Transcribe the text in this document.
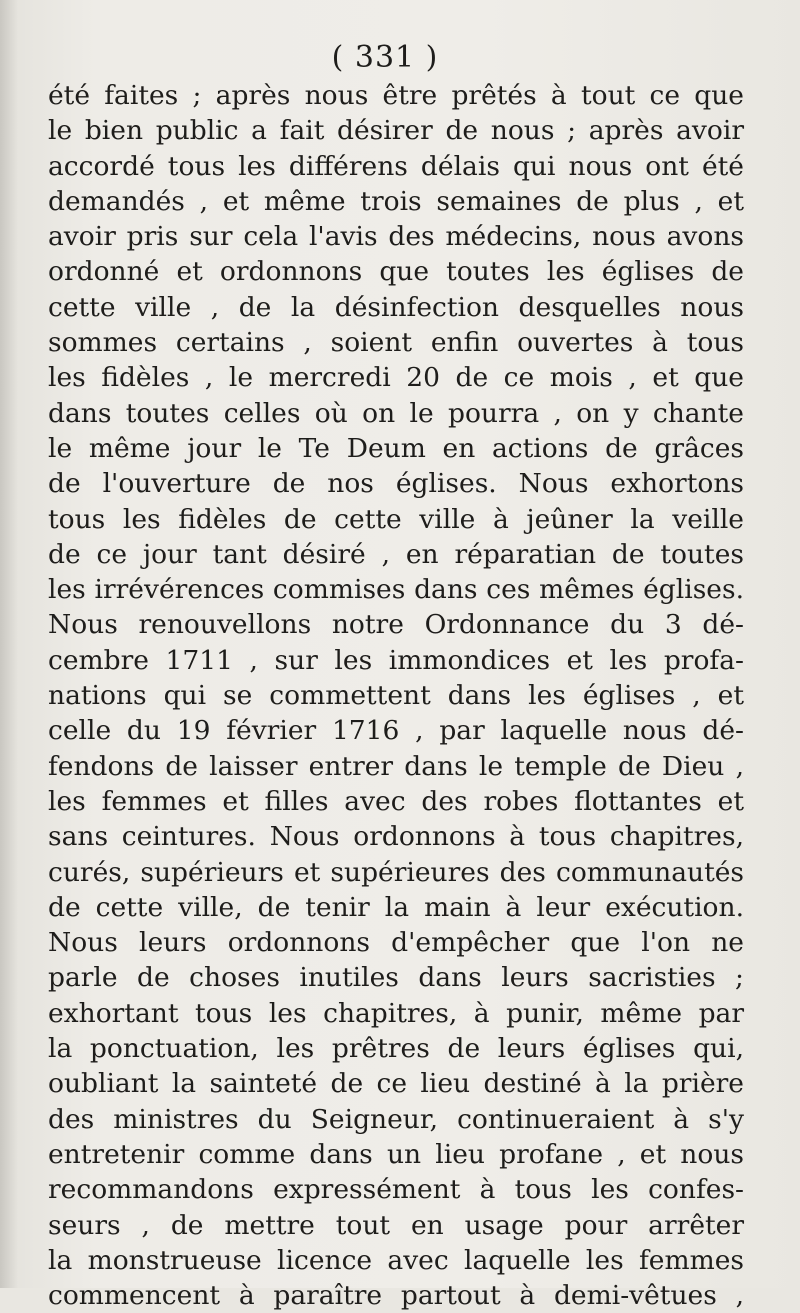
( 331 )
été faites ; après nous être prêtés à tout ce que
le bien public a fait désirer de nous ; après avoir
accordé tous les différens délais qui nous ont été
demandés , et même trois semaines de plus , et
avoir pris sur cela l'avis des médecins, nous avons
ordonné et ordonnons que toutes les églises de
cette ville , de la désinfection desquelles nous
sommes certains , soient enfin ouvertes à tous
les fidèles , le mercredi 20 de ce mois , et que
dans toutes celles où on le pourra , on y chante
le même jour le Te Deum en actions de grâces
de l'ouverture de nos églises. Nous exhortons
tous les fidèles de cette ville à jeûner la veille
de ce jour tant désiré , en réparatian de toutes
les irrévérences commises dans ces mêmes églises.
Nous renouvellons notre Ordonnance du 3 dé-
cembre 1711 , sur les immondices et les profa-
nations qui se commettent dans les églises , et
celle du 19 février 1716 , par laquelle nous dé-
fendons de laisser entrer dans le temple de Dieu ,
les femmes et filles avec des robes flottantes et
sans ceintures. Nous ordonnons à tous chapitres,
curés, supérieurs et supérieures des communautés
de cette ville, de tenir la main à leur exécution.
Nous leurs ordonnons d'empêcher que l'on ne
parle de choses inutiles dans leurs sacristies ;
exhortant tous les chapitres, à punir, même par
la ponctuation, les prêtres de leurs églises qui,
oubliant la sainteté de ce lieu destiné à la prière
des ministres du Seigneur, continueraient à s'y
entretenir comme dans un lieu profane , et nous
recommandons expressément à tous les confes-
seurs , de mettre tout en usage pour arrêter
la monstrueuse licence avec laquelle les femmes
commencent à paraître partout à demi-vêtues ,
